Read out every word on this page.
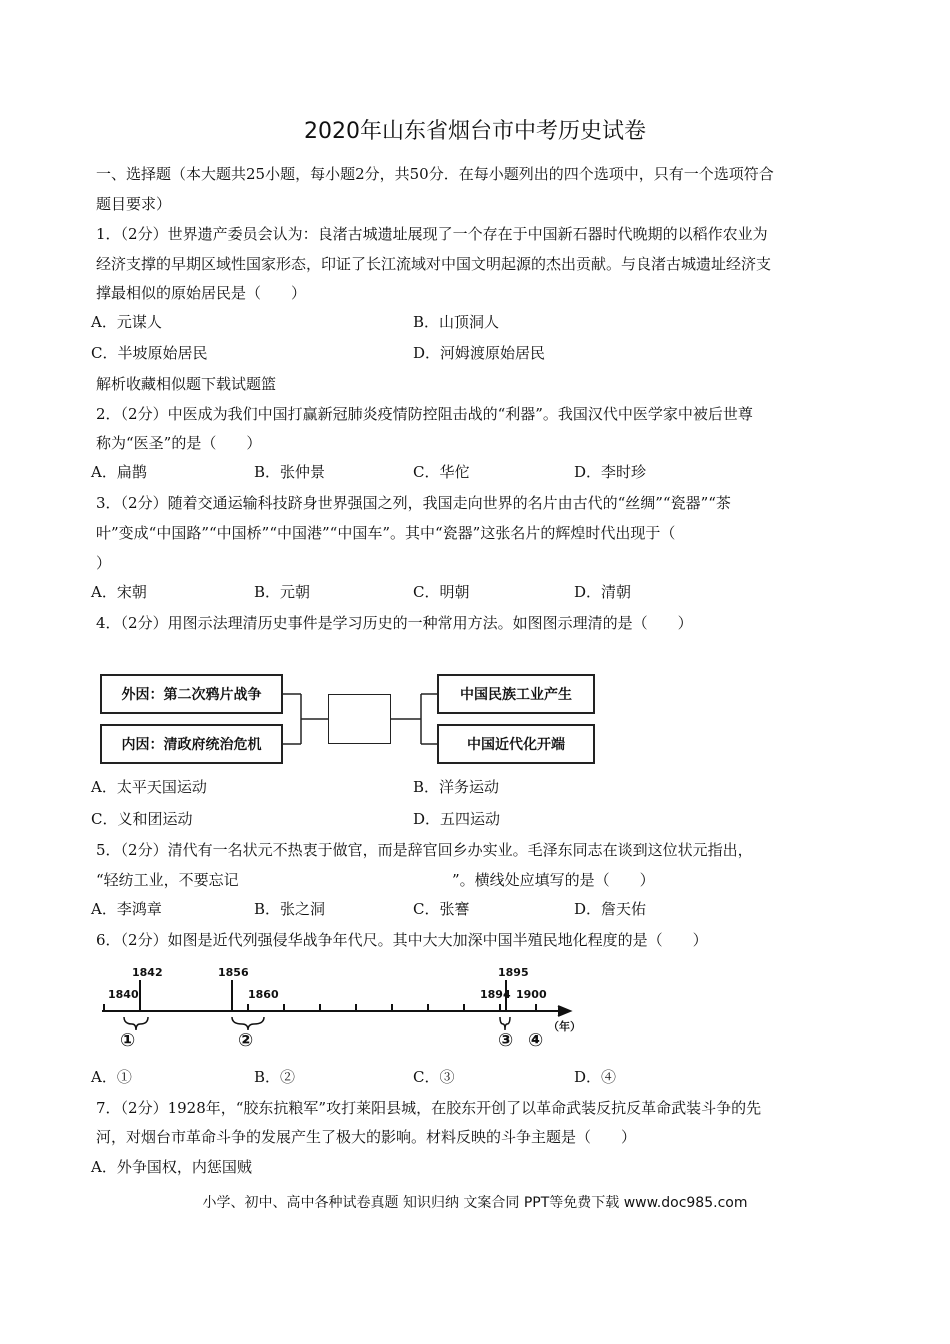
2020年山东省烟台市中考历史试卷
一、选择题（本大题共25小题，每小题2分，共50分．在每小题列出的四个选项中，只有一个选项符合
题目要求）
1．（2分）世界遗产委员会认为：良渚古城遗址展现了一个存在于中国新石器时代晚期的以稻作农业为
经济支撑的早期区域性国家形态，印证了长江流域对中国文明起源的杰出贡献。与良渚古城遗址经济支
撑最相似的原始居民是（　　）
A．元谋人	B．山顶洞人
C．半坡原始居民	D．河姆渡原始居民
解析收藏相似题下载试题篮
2．（2分）中医成为我们中国打赢新冠肺炎疫情防控阻击战的“利器”。我国汉代中医学家中被后世尊
称为“医圣”的是（　　）
A．扁鹊	B．张仲景	C．华佗	D．李时珍
3．（2分）随着交通运输科技跻身世界强国之列，我国走向世界的名片由古代的“丝绸”“瓷器”“茶
叶”变成“中国路”“中国桥”“中国港”“中国车”。其中“瓷器”这张名片的辉煌时代出现于（
）
A．宋朝	B．元朝	C．明朝	D．清朝
4．（2分）用图示法理清历史事件是学习历史的一种常用方法。如图图示理清的是（　　）
外因：第二次鸦片战争
内因：清政府统治危机
中国民族工业产生
中国近代化开端
A．太平天国运动	B．洋务运动
C．义和团运动	D．五四运动
5．（2分）清代有一名状元不热衷于做官，而是辞官回乡办实业。毛泽东同志在谈到这位状元指出，
“轻纺工业，不要忘记	”。横线处应填写的是（　　）
A．李鸿章	B．张之洞	C．张謇	D．詹天佑
6．（2分）如图是近代列强侵华战争年代尺。其中大大加深中国半殖民地化程度的是（　　）
1842	1856	1895
1840	1860	1894 1900
①	②	③ ④
（年）
A．①	B．②	C．③	D．④
7．（2分）1928年，“胶东抗粮军”攻打莱阳县城，在胶东开创了以革命武装反抗反革命武装斗争的先
河，对烟台市革命斗争的发展产生了极大的影响。材料反映的斗争主题是（　　）
A．外争国权，内惩国贼
小学、初中、高中各种试卷真题 知识归纳 文案合同 PPT等免费下载 www.doc985.com
